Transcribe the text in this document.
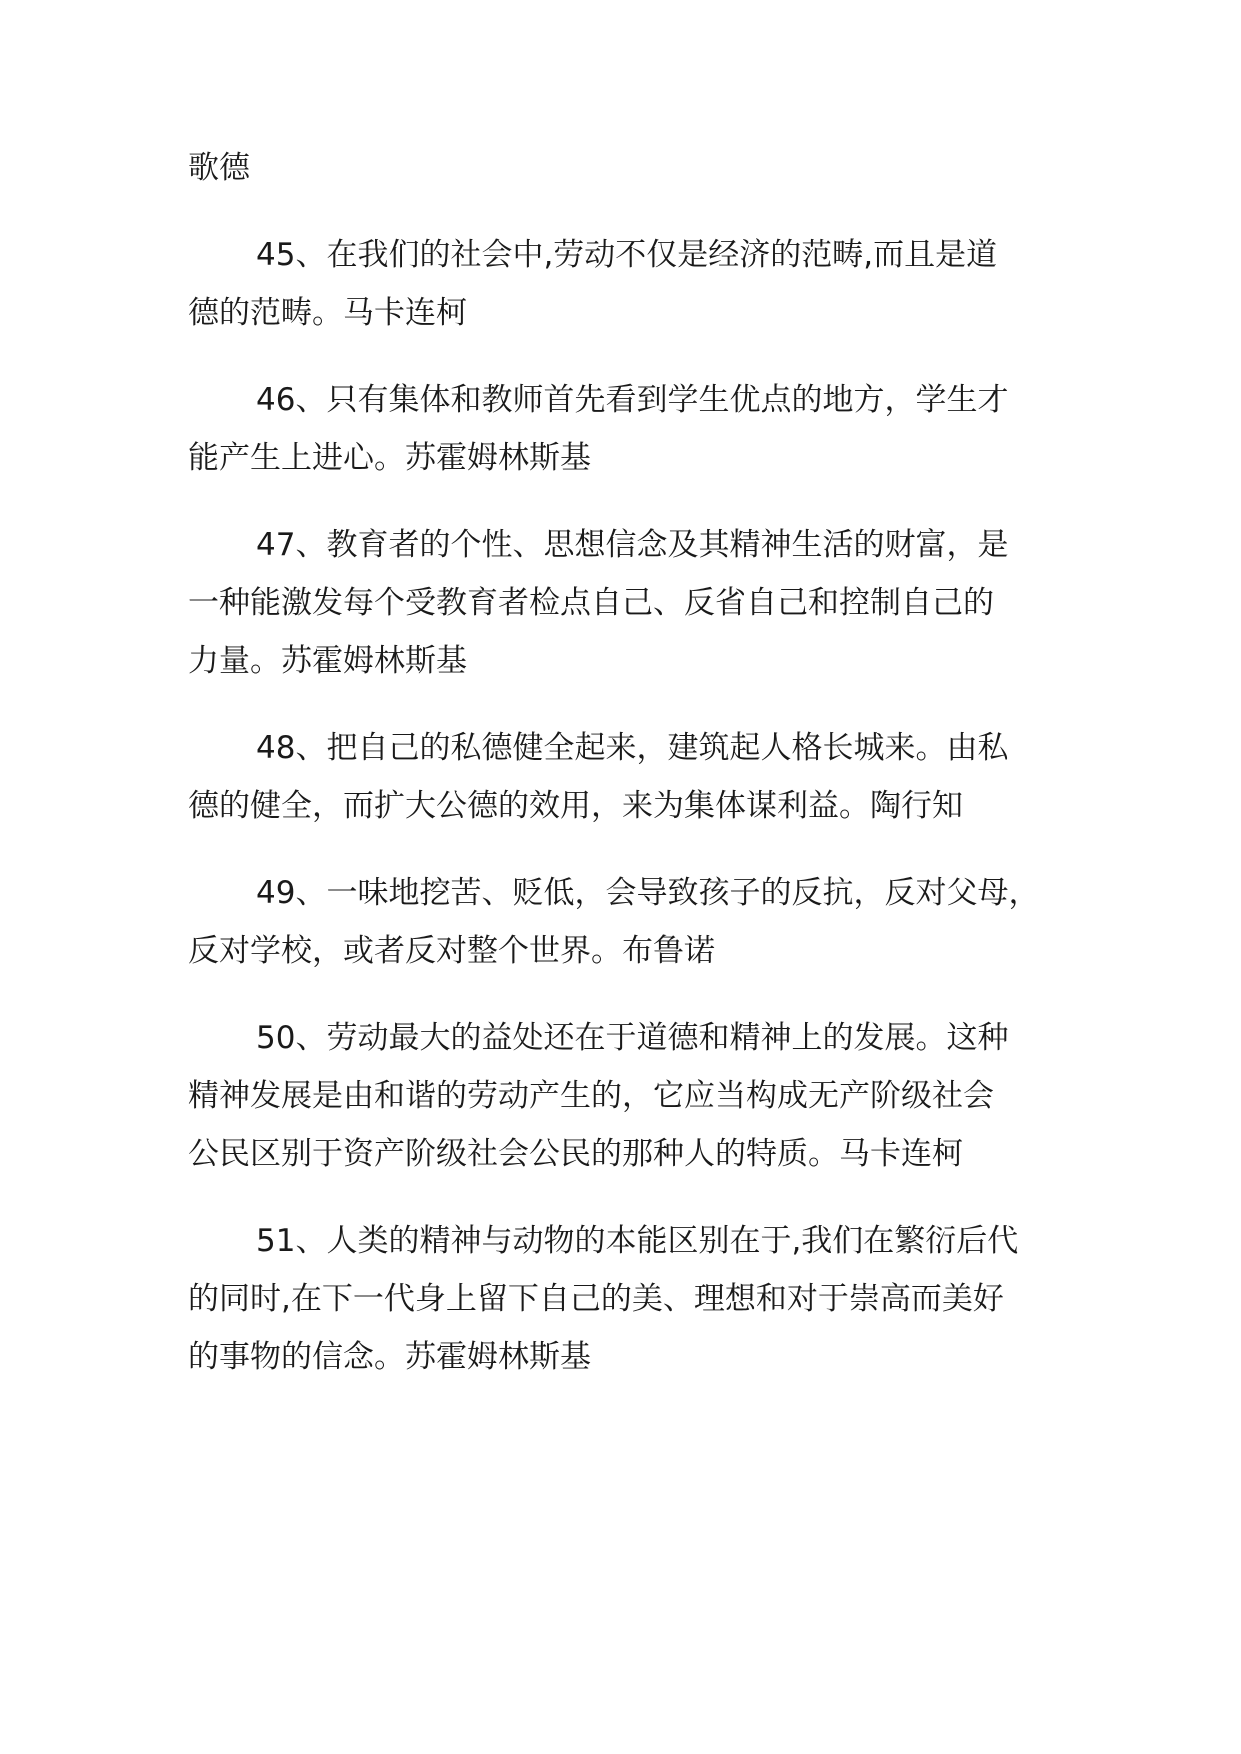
歌德
45、在我们的社会中,劳动不仅是经济的范畴,而且是道
德的范畴。马卡连柯
46、只有集体和教师首先看到学生优点的地方，学生才
能产生上进心。苏霍姆林斯基
47、教育者的个性、思想信念及其精神生活的财富，是
一种能激发每个受教育者检点自己、反省自己和控制自己的
力量。苏霍姆林斯基
48、把自己的私德健全起来，建筑起人格长城来。由私
德的健全，而扩大公德的效用，来为集体谋利益。陶行知
49、一味地挖苦、贬低，会导致孩子的反抗，反对父母，
反对学校，或者反对整个世界。布鲁诺
50、劳动最大的益处还在于道德和精神上的发展。这种
精神发展是由和谐的劳动产生的，它应当构成无产阶级社会
公民区别于资产阶级社会公民的那种人的特质。马卡连柯
51、人类的精神与动物的本能区别在于,我们在繁衍后代
的同时,在下一代身上留下自己的美、理想和对于崇高而美好
的事物的信念。苏霍姆林斯基
